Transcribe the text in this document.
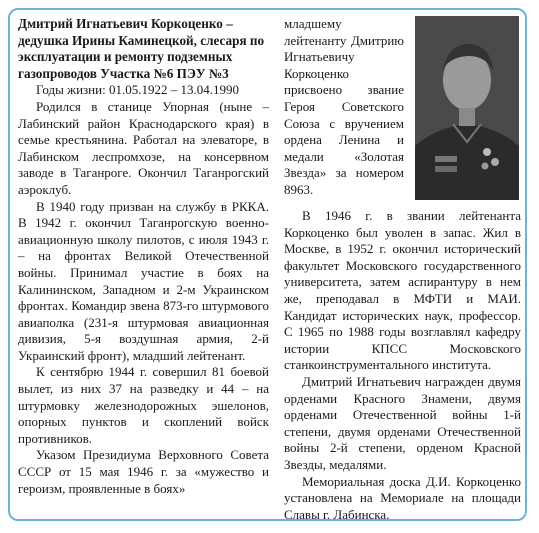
Дмитрий Игнатьевич Коркоценко – дедушка Ирины Каминецкой, слесаря по эксплуатации и ремонту подземных газопроводов Участка №6 ПЭУ №3

Годы жизни: 01.05.1922 – 13.04.1990

Родился в станице Упорная (ныне – Лабинский район Краснодарского края) в семье крестьянина. Работал на элеваторе, в Лабинском леспромхозе, на консервном заводе в Таганроге. Окончил Таганрогский аэроклуб.

В 1940 году призван на службу в РККА. В 1942 г. окончил Таганрогскую военно-авиационную школу пилотов, с июля 1943 г. – на фронтах Великой Отечественной войны. Принимал участие в боях на Калининском, Западном и 2-м Украинском фронтах. Командир звена 873-го штурмового авиаполка (231-я штурмовая авиационная дивизия, 5-я воздушная армия, 2-й Украинский фронт), младший лейтенант.

К сентябрю 1944 г. совершил 81 боевой вылет, из них 37 на разведку и 44 – на штурмовку железнодорожных эшелонов, опорных пунктов и скоплений войск противников.

Указом Президиума Верховного Совета СССР от 15 мая 1946 г. за «мужество и героизм, проявленные в боях»

младшему лейтенанту Дмитрию Игнатьевичу Коркоценко присвоено звание Героя Советского Союза с вручением ордена Ленина и медали «Золотая Звезда» за номером 8963.

В 1946 г. в звании лейтенанта Коркоценко был уволен в запас. Жил в Москве, в 1952 г. окончил исторический факультет Московского государственного университета, затем аспирантуру в нем же, преподавал в МФТИ и МАИ. Кандидат исторических наук, профессор. С 1965 по 1988 годы возглавлял кафедру истории КПСС Московского станкоинструментального института.

Дмитрий Игнатьевич награжден двумя орденами Красного Знамени, двумя орденами Отечественной войны 1-й степени, двумя орденами Отечественной войны 2-й степени, орденом Красной Звезды, медалями.

Мемориальная доска Д.И. Коркоценко установлена на Мемориале на площади Славы г. Лабинска.
